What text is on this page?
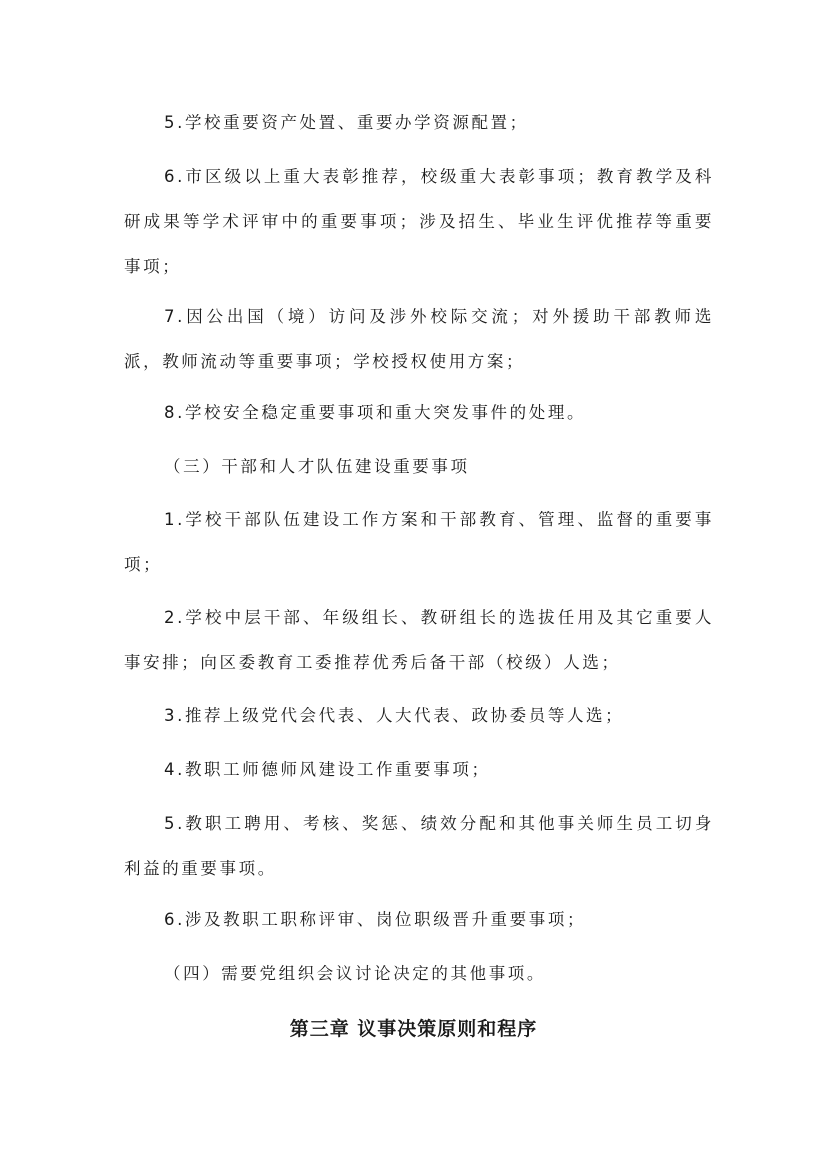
5.学校重要资产处置、重要办学资源配置；

6.市区级以上重大表彰推荐，校级重大表彰事项；教育教学及科研成果等学术评审中的重要事项；涉及招生、毕业生评优推荐等重要事项；

7.因公出国（境）访问及涉外校际交流；对外援助干部教师选派，教师流动等重要事项；学校授权使用方案；

8.学校安全稳定重要事项和重大突发事件的处理。

（三）干部和人才队伍建设重要事项

1.学校干部队伍建设工作方案和干部教育、管理、监督的重要事项；

2.学校中层干部、年级组长、教研组长的选拔任用及其它重要人事安排；向区委教育工委推荐优秀后备干部（校级）人选；

3.推荐上级党代会代表、人大代表、政协委员等人选；

4.教职工师德师风建设工作重要事项；

5.教职工聘用、考核、奖惩、绩效分配和其他事关师生员工切身利益的重要事项。

6.涉及教职工职称评审、岗位职级晋升重要事项；

（四）需要党组织会议讨论决定的其他事项。

第三章 议事决策原则和程序
